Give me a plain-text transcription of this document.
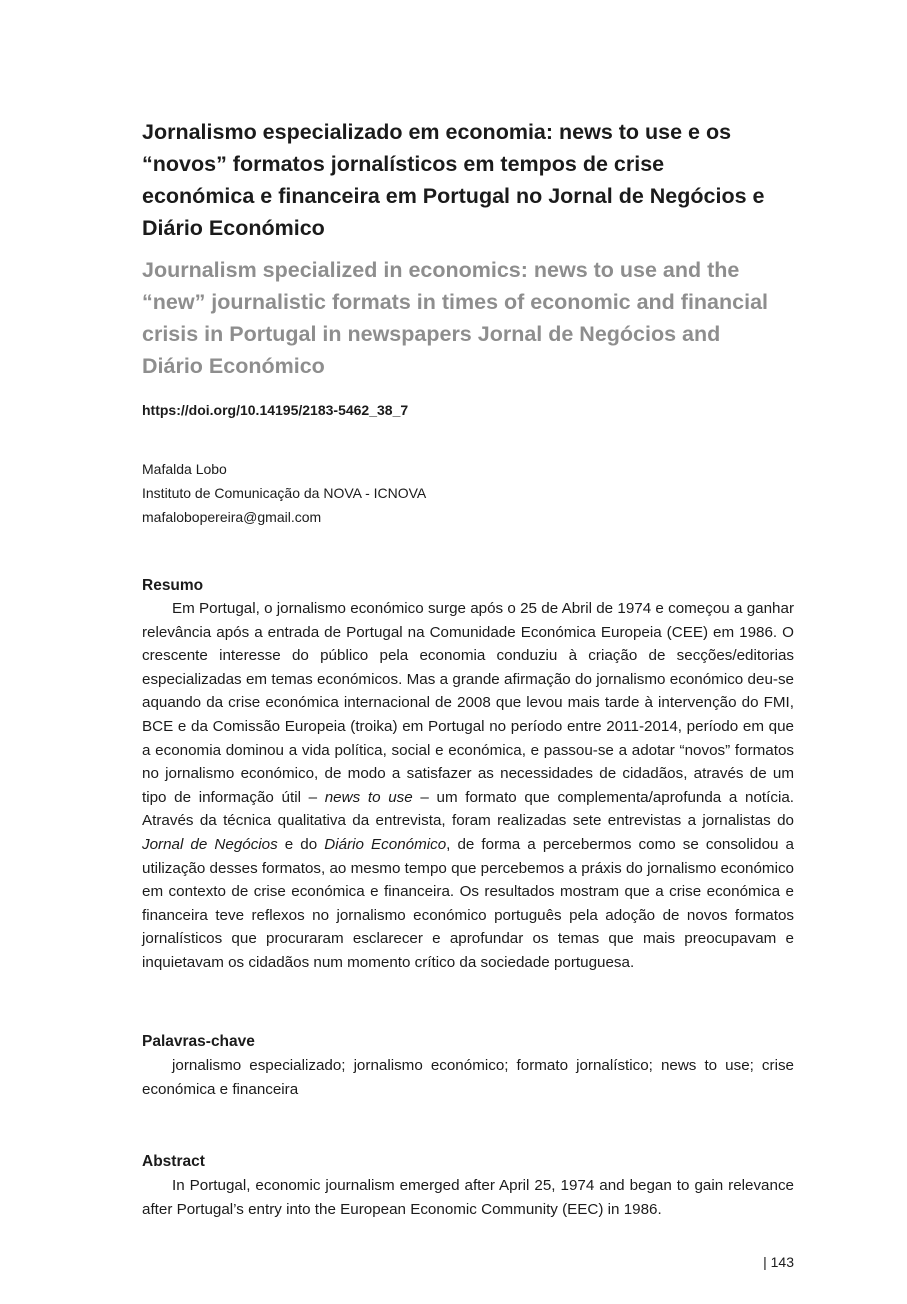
Jornalismo especializado em economia: news to use e os “novos” formatos jornalísticos em tempos de crise económica e financeira em Portugal no Jornal de Negócios e Diário Económico
Journalism specialized in economics: news to use and the “new” journalistic formats in times of economic and financial crisis in Portugal in newspapers Jornal de Negócios and Diário Económico
https://doi.org/10.14195/2183-5462_38_7
Mafalda Lobo
Instituto de Comunicação da NOVA - ICNOVA
mafalobopereira@gmail.com
Resumo

Em Portugal, o jornalismo económico surge após o 25 de Abril de 1974 e começou a ganhar relevância após a entrada de Portugal na Comunidade Económica Europeia (CEE) em 1986. O crescente interesse do público pela economia conduziu à criação de secções/editorias especializadas em temas económicos. Mas a grande afirmação do jornalismo económico deu-se aquando da crise económica internacional de 2008 que levou mais tarde à intervenção do FMI, BCE e da Comissão Europeia (troika) em Portugal no período entre 2011-2014, período em que a economia dominou a vida política, social e económica, e passou-se a adotar “novos” formatos no jornalismo económico, de modo a satisfazer as necessidades de cidadãos, através de um tipo de informação útil – news to use – um formato que complementa/aprofunda a notícia. Através da técnica qualitativa da entrevista, foram realizadas sete entrevistas a jornalistas do Jornal de Negócios e do Diário Económico, de forma a percebermos como se consolidou a utilização desses formatos, ao mesmo tempo que percebemos a práxis do jornalismo económico em contexto de crise económica e financeira. Os resultados mostram que a crise económica e financeira teve reflexos no jornalismo económico português pela adoção de novos formatos jornalísticos que procuraram esclarecer e aprofundar os temas que mais preocupavam e inquietavam os cidadãos num momento crítico da sociedade portuguesa.

Palavras-chave

jornalismo especializado; jornalismo económico; formato jornalístico; news to use; crise económica e financeira

Abstract

In Portugal, economic journalism emerged after April 25, 1974 and began to gain relevance after Portugal’s entry into the European Economic Community (EEC) in 1986.

| 143
